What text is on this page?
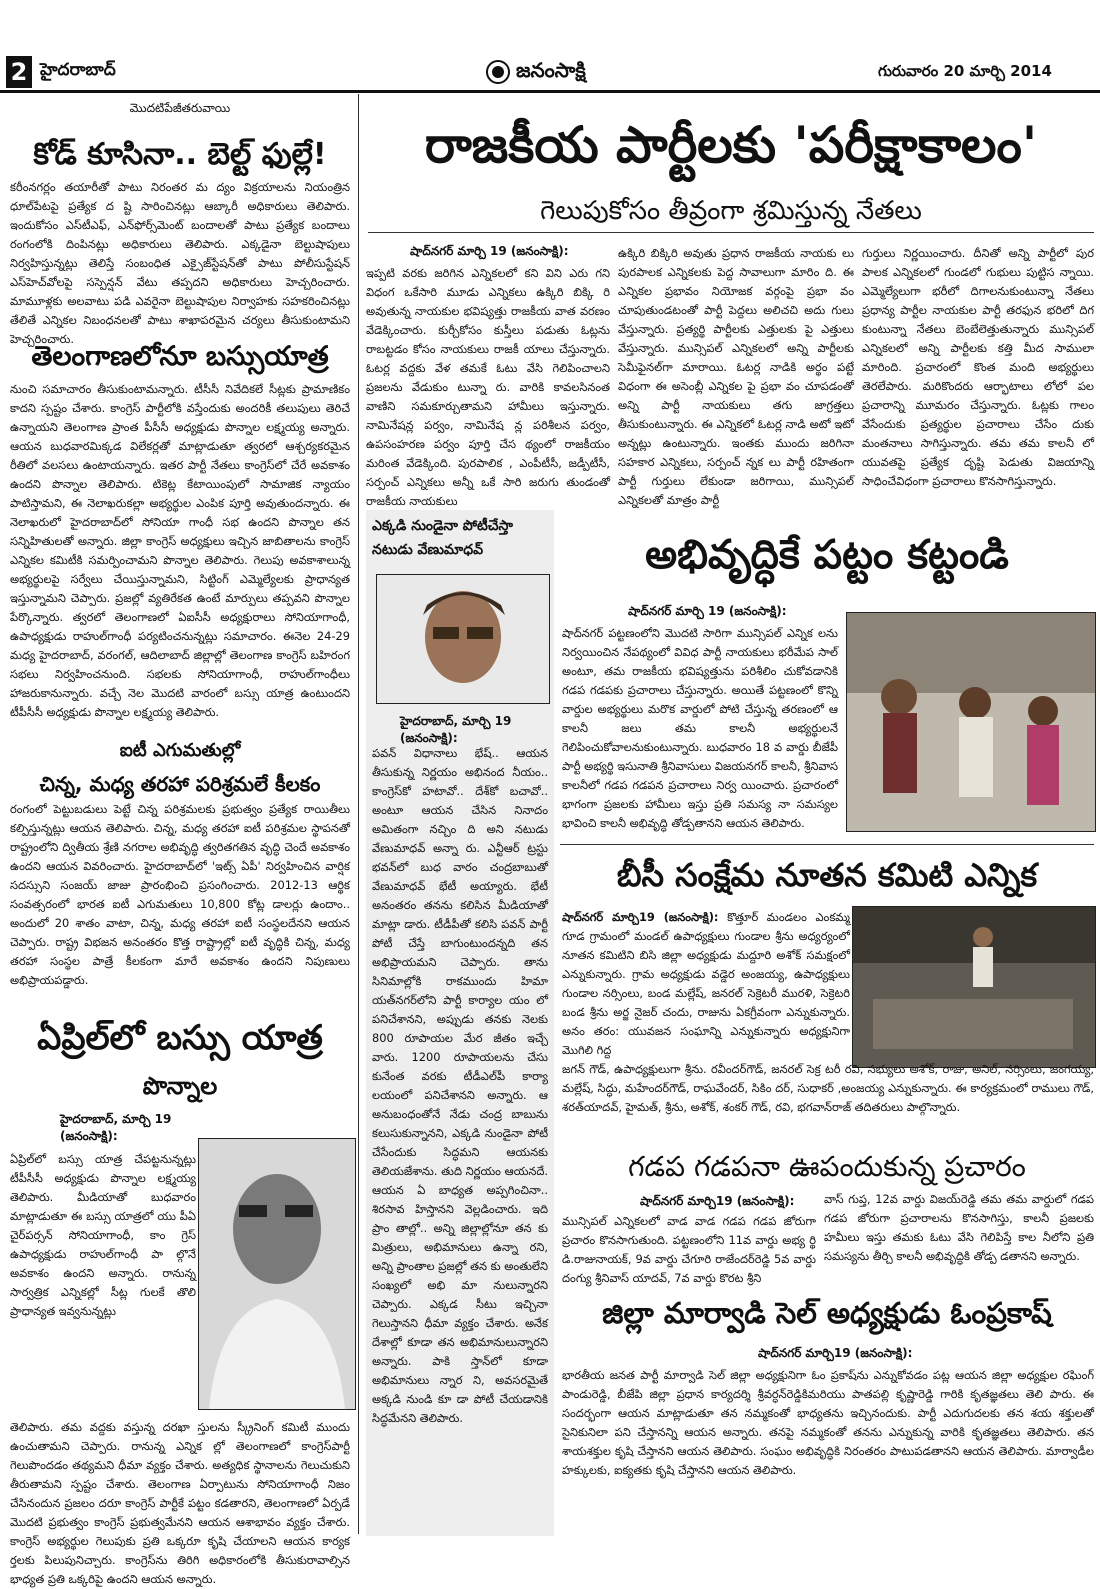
2 హైదరాబాద్	జనంసాక్షి	గురువారం 20 మార్చి 2014
మొదటిపేజీతరువాయి
కోడ్ కూసినా.. బెల్ట్ ఫుల్లే!
కరీంనగర్లం తయారీతో పాటు నిరంతర మ ద్యం విక్రయాలను నియంత్రిన ధూల్‌పేటపై ప్రత్యేక ద ష్టి సారించినట్లు ఆబ్కారీ అధికారులు తెలిపారు. ఇందుకోసం ఎస్‌టీఎఫ్, ఎన్‌ఫోర్స్‌మెంట్ బందాలతో పాటు ప్రత్యేక బందాలు రంగంలోకి దింపినట్లు అధికారులు తెలిపారు. ఎక్కడైనా బెల్టుషాపులు నిర్వహిస్తున్నట్లు తెలిస్తే సంబంధిత ఎక్సైజ్‌స్టేషన్‌తో పాటు పోలీసుస్టేషన్ ఎస్‌హెచ్‌వోలపై సస్పెన్షన్ వేటు తప్పదని అధికారులు హెచ్చరించారు. మామూళ్లకు అలవాటు పడి ఎవరైనా బెల్టుషాపుల నిర్వాహకు సహకరించినట్లు తేలితే ఎన్నికల నిబంధనలతో పాటు శాఖాపరమైన చర్యలు తీసుకుంటామని హెచ్చరించారు.
తెలంగాణలోనూ బస్సుయాత్ర
నుంచి సమాచారం తీసుకుంటామన్నారు. టీసీసీ నివేదికలే సీట్లకు ప్రామాణికం కాదని స్పష్టం చేశారు. కాంగ్రెస్ పార్టీలోకి వస్తేందుకు అందరికీ తలుపులు తెరిచే ఉన్నాయని తెలంగాణ ప్రాంత పీసీసీ అధ్యక్షుడు పొన్నాల లక్ష్మయ్య అన్నారు. ఆయన బుధవారమిక్కడ విలేకర్లతో మాట్లాడుతూ త్వరలో ఆశ్చర్యకరమైన రీతిలో వలసలు ఉంటాయన్నారు. ఇతర పార్టీ నేతలు కాంగ్రెస్‌లో చేరే అవకాశం ఉందని పొన్నాల తెలిపారు. టికెట్ల కేటాయింపులో సామాజిక న్యాయం పాటిస్తామని, ఈ నెలాఖరుకల్లా అభ్యర్థుల ఎంపిక పూర్తి అవుతుందన్నారు. ఈ నెలాఖరులో హైదరాబాద్‌లో సోనియా గాంధీ సభ ఉందని పొన్నాల తన సన్నిహితులతో అన్నారు. జిల్లా కాంగ్రెస్ అధ్యక్షులు ఇచ్చిన జాబితాలను కాంగ్రెస్ ఎన్నికల కమిటీకి సమర్పించామని పొన్నాల తెలిపారు. గెలుపు అవకాశాలున్న అభ్యర్థులపై సర్వేలు చేయిస్తున్నామని, సిట్టింగ్ ఎమ్మెల్యేలకు ప్రాధాన్యత ఇస్తున్నామని చెప్పారు. ప్రజల్లో వ్యతిరేకత ఉంటే మార్పులు తప్పవని పొన్నాల పేర్కొన్నారు. త్వరలో తెలంగాణలో ఏఐసీసీ అధ్యక్షురాలు సోనియాగాంధీ, ఉపాధ్యక్షుడు రాహుల్‌గాంధీ పర్యటించనున్నట్లు సమాచారం. ఈనెల 24-29 మధ్య హైదరాబాద్, వరంగల్, ఆదిలాబాద్ జిల్లాల్లో తెలంగాణ కాంగ్రెస్ బహిరంగ సభలు నిర్వహించనుంది. సభలకు సోనియాగాంధీ, రాహుల్‌గాంధీలు హాజరుకానున్నారు. వచ్చే నెల మొదటి వారంలో బస్సు యాత్ర ఉంటుందని టీపీసీసీ అధ్యక్షుడు పొన్నాల లక్ష్మయ్య తెలిపారు.
ఐటీ ఎగుమతుల్లో
చిన్న, మధ్య తరహా పరిశ్రమలే కీలకం
రంగంలో పెట్టుబడులు పెట్టే చిన్న పరిశ్రమలకు ప్రభుత్వం ప్రత్యేక రాయితీలు కల్పిస్తున్నట్లు ఆయన తెలిపారు. చిన్న, మధ్య తరహా ఐటీ పరిశ్రమల స్థాపనతో రాష్ట్రంలోని ద్వితీయ శ్రేణి నగరాల అభివృద్ధి త్వరితగతిన వృద్ధి చెందే అవకాశం ఉందని ఆయన వివరించారు. హైదరాబాద్‌లో 'ఇట్స్ ఏపీ' నిర్వహించిన వార్షిక సదస్సుని సంజయ్ జాజు ప్రారంభించి ప్రసంగించారు. 2012-13 ఆర్థిక సంవత్సరంలో భారత ఐటీ ఎగుమతులు 10,800 కోట్ల డాలర్లు ఉందాం.. అందులో 20 శాతం వాటా, చిన్న, మధ్య తరహా ఐటీ సంస్థలదేనని ఆయన చెప్పారు. రాష్ట్ర విభజన అనంతరం కొత్త రాష్ట్రాల్లో ఐటీ వృద్ధికి చిన్న, మధ్య తరహా సంస్థల పాత్రే కీలకంగా మారే అవకాశం ఉందని నిపుణులు అభిప్రాయపడ్డారు.
ఏప్రిల్‌లో బస్సు యాత్ర
పొన్నాల
హైదరాబాద్, మార్చి 19 (జనంసాక్షి):
ఏప్రిల్‌లో బస్సు యాత్ర చేపట్టనున్నట్లు టీపీసీసీ అధ్యక్షుడు పొన్నాల లక్ష్మయ్య తెలిపారు. మీడియాతో బుధవారం మాట్లాడుతూ ఈ బస్సు యాత్రలో యు పీఏ చైర్‌పర్సన్ సోనియాగాంధీ, కాం గ్రెస్ ఉపాధ్యక్షుడు రాహుల్‌గాంధీ పా ల్గొనే అవకాశం ఉందని అన్నారు. రానున్న సార్వత్రిక ఎన్నికల్లో సీట్ల గులకే తొలి ప్రాధాన్యత ఇవ్వనున్నట్లు
తెలిపారు. తమ వద్దకు వస్తున్న దరఖా స్తులను స్క్రీనింగ్ కమిటీ ముందు ఉంచుతామని చెప్పారు. రానున్న ఎన్నిక ల్లో తెలంగాణలో కాంగ్రెస్‌పార్టీ గెలుపొందడం తథ్యమని ధీమా వ్యక్తం చేశారు. అత్యధిక స్థానాలను గెలుచుకుని తీరుతామని స్పష్టం చేశారు. తెలంగాణ ఏర్పాటును సోనియాగాంధీ నిజం చేసినందున ప్రజలం దరూ కాంగ్రెస్ పార్టీకే పట్టం కడతారని, తెలంగాణలో ఏర్పడే మొదటి ప్రభుత్వం కాంగ్రెస్ ప్రభుత్వమేనని ఆయన ఆశాభావం వ్యక్తం చేశారు. కాంగ్రెస్ అభ్యర్థుల గెలుపుకు ప్రతి ఒక్కరూ కృషి చేయాలని ఆయన కార్యక ర్తలకు పిలుపునిచ్చారు. కాంగ్రెస్‌ను తిరిగి అధికారంలోకి తీసుకురావాల్సిన భాధ్యత ప్రతి ఒక్కరిపై ఉందని ఆయన అన్నారు.
రాజకీయ పార్టీలకు 'పరీక్షాకాలం'
గెలుపుకోసం తీవ్రంగా శ్రమిస్తున్న నేతలు
షాద్‌నగర్ మార్చి 19 (జనంసాక్షి):
ఇప్పటి వరకు జరిగిన ఎన్నికలలో కని విని ఎరు గని విధంగ ఒకేసారి మూడు ఎన్నికలు ఉక్కిరి బిక్కి రి అవుతున్న నాయకుల భవిష్యత్తు రాజకీయ వాత వరణం వేడెక్కించారు. కుర్చీకోసం కుస్తీలు పడుతు ఓట్లను రాబట్టడం కోసం నాయకులు రాజకీ యాలు చేస్తున్నారు. ఓటర్ల వద్దకు వేళ తమకే ఓటు వేసి గెలిపించాలని ప్రజలను వేడుకుం టున్నా రు. వారికి కావలసినంత వాణిని సమకూర్చుతామని హామీలు ఇస్తున్నారు. నామినేషన్ల పర్వం, నామినేష న్ల పరిశీలన పర్వం, ఉపసంహరణ పర్వం పూర్తి చేస థ్యంలో రాజకీయం మరింత వేడెక్కింది. పురపాలిక , ఎంపీటీసీ, జడ్పీటీసీ, సర్పంచ్ ఎన్నికలు అన్నీ ఒకే సారి జరుగు తుండంతో రాజకీయ నాయకులు
ఉక్కిరి బిక్కిరి అవుతు ప్రధాన రాజకీయ నాయకు లు పురపాలక ఎన్నికలకు పెద్ద సావాలుగా మారిం ది. ఈ ఎన్నికల ప్రభావం నియోజక వర్గంపై ప్రభా వం చూపుతుండటంతో పార్టీ పెద్దలు అలిచచి అదు గులు వేస్తున్నారు. ప్రత్యర్థి పార్టీలకు ఎత్తులకు పై ఎత్తులు వేస్తున్నారు. మున్సిపల్ ఎన్నికలలో అన్ని పార్టీలకు సెమీఫైనల్‌గా మారాయి. ఓటర్ల నాడికి అర్థం పట్టే విధంగా ఈ అసెంబ్లీ ఎన్నికల పై ప్రభా వం చూపడంతో అన్ని పార్టీ నాయకులు తగు జాగ్రత్తలు తీసుకుంటున్నారు. ఈ ఎన్నికలో ఓటర్ల నాడి అటో ఇటో అన్నట్లు ఉంటున్నారు. ఇంతకు ముందు జరిగినా సహకార ఎన్నికలు, సర్పంచ్ న్నక లు పార్టీ రహితంగా పార్టీ గుర్తులు లేకుండా జరిగాయి, మున్సిపల్ ఎన్నికలతో మాత్రం పార్టీ
గుర్తులు నిర్ణయించారు. దీనితో అన్ని పార్టీలో పుర పాలక ఎన్నికలలో గుండలో గుభులు పుట్టిస న్నాయి. ఎమ్మెల్యేలుగా భరీలో దిగాలనుకుంటున్నా నేతలు ప్రధాన్య పార్టీల నాయకుల పార్టీ తరఫున భరిలో దిగ కుంటున్నా నేతలు బెంబేలెత్తుతున్నారు మున్సిపల్ ఎన్నికలలో అన్ని పార్టీలకు కత్తి మీద సాములా మారింది. ప్రచారంలో కొంత మంది అభ్యర్థులు తెరలేపారు. మరికొందరు ఆర్భాటాలు లోలో పల ప్రచారాన్ని మూమరం చేస్తున్నారు. ఓట్లకు గాలం వేసేందుకు ప్రత్యర్థుల ప్రచారాలు చేసేం దుకు మంతనాలు సాగిస్తున్నారు. తమ తమ కాలనీ లో యువతపై ప్రత్యేక దృష్టి పెడుతు విజయాన్ని సాధించేవిధంగా ప్రచారాలు కొనసాగిస్తున్నారు.
ఎక్కడి నుండైనా పోటీచేస్తా నటుడు వేణుమాధవ్
హైదరాబాద్, మార్చి 19 (జనంసాక్షి):
పవన్ విధానాలు భేష్.. ఆయన తీసుకున్న నిర్ణయం అభినంద నీయం.. కాంగ్రెస్‌కో హటావో.. దేశ్‌కో బచావో.. అంటూ ఆయన చేసిన నినాదం అమితంగా నచ్చిం ది అని నటుడు వేణుమాధవ్ అన్నా రు. ఎన్టీఆర్ ట్రస్టు భవన్‌లో బుధ వారం చంద్రబాబుతో వేణుమాధవ్ భేటీ అయ్యారు. భేటీ అనంతరం తనను కలిసిన మీడియాతో మాట్లా డారు. టీడీపీతో కలిసి పవన్ పార్టీ పోటీ చేస్తే బాగుంటుందన్నది తన అభిప్రాయమని చెప్పారు. తాను సినిమాల్లోకి రాకముందు హిమా యత్‌నగర్‌లోని పార్టీ కార్యాల యం లో పనిచేశానని, అప్పుడు తనకు నెలకు 800 రూపాయల మేర జీతం ఇచ్చే వారు. 1200 రూపాయలను చేసు కునేంత వరకు టీడీఎల్‌పీ కార్యా లయంలో పనిచేశానని అన్నారు. ఆ అనుబంధంతోనే నేడు చంద్ర బాబును కలుసుకున్నానని, ఎక్కడి నుండైనా పోటీ చేసేందుకు సిద్ధమని ఆయనకు తెలియజేశాను. తుది నిర్ణయం ఆయనదే. ఆయన ఏ బాధ్యత అప్పగించినా.. శిరసావ హిస్తానని వెల్లడించారు. ఇది ప్రాం తాల్లో.. అన్ని జిల్లాల్లోనూ తన కు మిత్రులు, అభిమానులు ఉన్నా రని, అన్ని ప్రాంతాల ప్రజల్లో తన కు అంతులేని సంఖ్యలో అభి మా నులున్నారని చెప్పారు. ఎక్కడ సీటు ఇచ్చినా గెలుస్తానని ధీమా వ్యక్తం చేశారు. అనేక దేశాల్లో కూడా తన అభిమానులున్నారని అన్నారు. పాకి స్తాన్‌లో కూడా అభిమానులు న్నార ని, అవసరమైతే అక్కడి నుండి కూ డా పోటీ చేయడానికి సిద్ధమేనని తెలిపారు.
అభివృద్ధికే పట్టం కట్టండి
షాద్‌నగర్ మార్చి 19 (జనంసాక్షి):
షాద్‌నగర్ పట్టణంలోని మొదటి సారిగా మున్సిపల్ ఎన్నిక లను నిర్వయించిన నేపథ్యంలో వివిధ పార్టీ నాయకులు భరీమేప సాల్ అంటూ, తమ రాజకీయ భవిష్యత్తును పరిశీలిం చుకోవడానికి గడప గడపకు ప్రచారాలు చేస్తున్నారు. అయితే పట్టణంలో కొన్ని వార్డుల అభ్యర్థులు మరొక వార్డులో పోటి చేస్తున్న తరణంలో ఆ కాలనీ జలు తమ కాలనీ అభ్యర్థులనే గెలిపించుకోవాలనుకుంటున్నారు. బుధవారం 18 వ వార్డు బీజేపీ పార్టీ అభ్యర్థి ఇసునాతి శ్రీనివాసులు విజయనగర్ కాలనీ, శ్రీనివాస కాలనీలో గడప గడపన ప్రచారాలు నిర్వ యించారు. ప్రచారంలో భాగంగా ప్రజలకు హామీలు ఇస్తు ప్రతి సమస్య నా సమస్యల భావించి కాలనీ అభివృద్ధి తోడ్పతానని ఆయన తెలిపారు.
బీసీ సంక్షేమ నూతన కమిటి ఎన్నిక
షాద్‌నగర్ మార్చి19 (జనంసాక్షి): కొత్తూర్ మండలం ఎంకమ్మ గూడ గ్రామంలో మండల్ ఉపాధ్యక్షులు గుండాల శ్రీను అధ్యర్యంలో నూతన కమిటిని బిసి జిల్లా అధ్యక్షుడు మద్దూరి అశోక్ సమక్షంలో ఎన్నుకున్నారు. గ్రామ అధ్యక్షుడు వడ్డెర అంజయ్య, ఉపాధ్యక్షులు గుండాల నర్సింలు, బండ మల్లేష్, జనరల్ సెక్రెటరీ మురళి, సెక్రెటరి బండ శ్రీను అర్జ నైజర్ చందు, రాజును ఏకగ్రీవంగా ఎన్నుకున్నారు. అనం తరం: యువజన సంఘాన్ని ఎన్నుకున్నారు అధ్యక్షునిగా మొగిలి గిద్ద
జగన్ గౌడ్, ఉపాధ్యక్షులుగా శ్రీను. రవీందర్‌గౌడ్, జనరల్ సెక్ర టరీ రవి, సభ్యులు అశోక్, రాజు, అనిల్, నర్సింలు, జంగయ్య, మల్లేష్, సిద్ధు, మహేందర్‌గౌడ్, రాఘవేందర్, సికిం దర్, సుధాకర్ ,అంజయ్య ఎన్నుకున్నారు. ఈ కార్యక్రమంలో రాములు గౌడ్, శరత్‌యాదవ్, హైమత్, శ్రీను, అశోక్, శంకర్ గౌడ్, రవి, భగవాన్‌రాజ్ తదితరులు పాల్గొన్నారు.
గడప గడపనా ఊపందుకున్న ప్రచారం
షాద్‌నగర్ మార్చి19 (జనంసాక్షి):
మున్సిపల్ ఎన్నికలలో వాడ వాడ గడప గడప జోరుగా ప్రచారం కొనసాగుతుంది. పట్టణంలోని 11వ వార్డు అభ్య ర్థి డి.రాజునాయక్, 9వ వార్డు చేగూరి రాజేందర్‌రెడ్డి 5వ వార్డు దంగ్యు శ్రీనివాస్ యాదవ్, 7వ వార్డు కొరట శ్రీని
వాస్ గుప్త, 12వ వార్డు విజయ్‌రెడ్డి తమ తమ వార్డులో గడప గడప జోరుగా ప్రచారాలను కొనసాగిస్తు, కాలనీ ప్రజలకు హమీలు ఇస్తు తమకు ఓటు వేసి గెలిపిస్తే కాల నీలోని ప్రతి సమస్యను తీర్చి కాలనీ అభివృద్ధికి తోడ్ప డతానని అన్నారు.
జిల్లా మార్వాడి సెల్ అధ్యక్షుడు ఓంప్రకాష్
షాద్‌నగర్ మార్చి19 (జనంసాక్షి):
భారతీయ జనత పార్టీ మార్వాడి సెల్ జిల్లా అధ్యక్షునిగా ఓం ప్రకాష్‌ను ఎన్నుకోవడం పట్ల ఆయన జిల్లా అధ్యక్షుల రఘింగ్ పాండురెడ్డి, బీజేపి జిల్లా ప్రధాన కార్యదర్శి శ్రీవర్ధన్‌రెడ్డికిమరియు పాతపల్లి కృష్ణారెడ్డి గారికి కృతజ్ఞతలు తెలి పారు. ఈ సందర్భంగా ఆయన మాట్లాడుతూ తన నమ్మకంతో భాధ్యతను ఇచ్చినందుకు. పార్టీ ఎదుగుదలకు తన శయ శక్తులతో సైనికునిలా పని చేస్తానన్ని ఆయన అన్నారు. తనపై నమ్మకంతో తనను ఎన్నుకున్న వారికి కృతజ్ఞతలు తెలిపారు. తన శాయశక్తుల కృషి చేస్తానని ఆయన తెలిపారు. సంఘం అభివృద్ధికి నిరంతరం పాటుపడతానని ఆయన తెలిపారు. మార్వాడీల హక్కులకు, ఐక్యతకు కృషి చేస్తానని ఆయన తెలిపారు.
